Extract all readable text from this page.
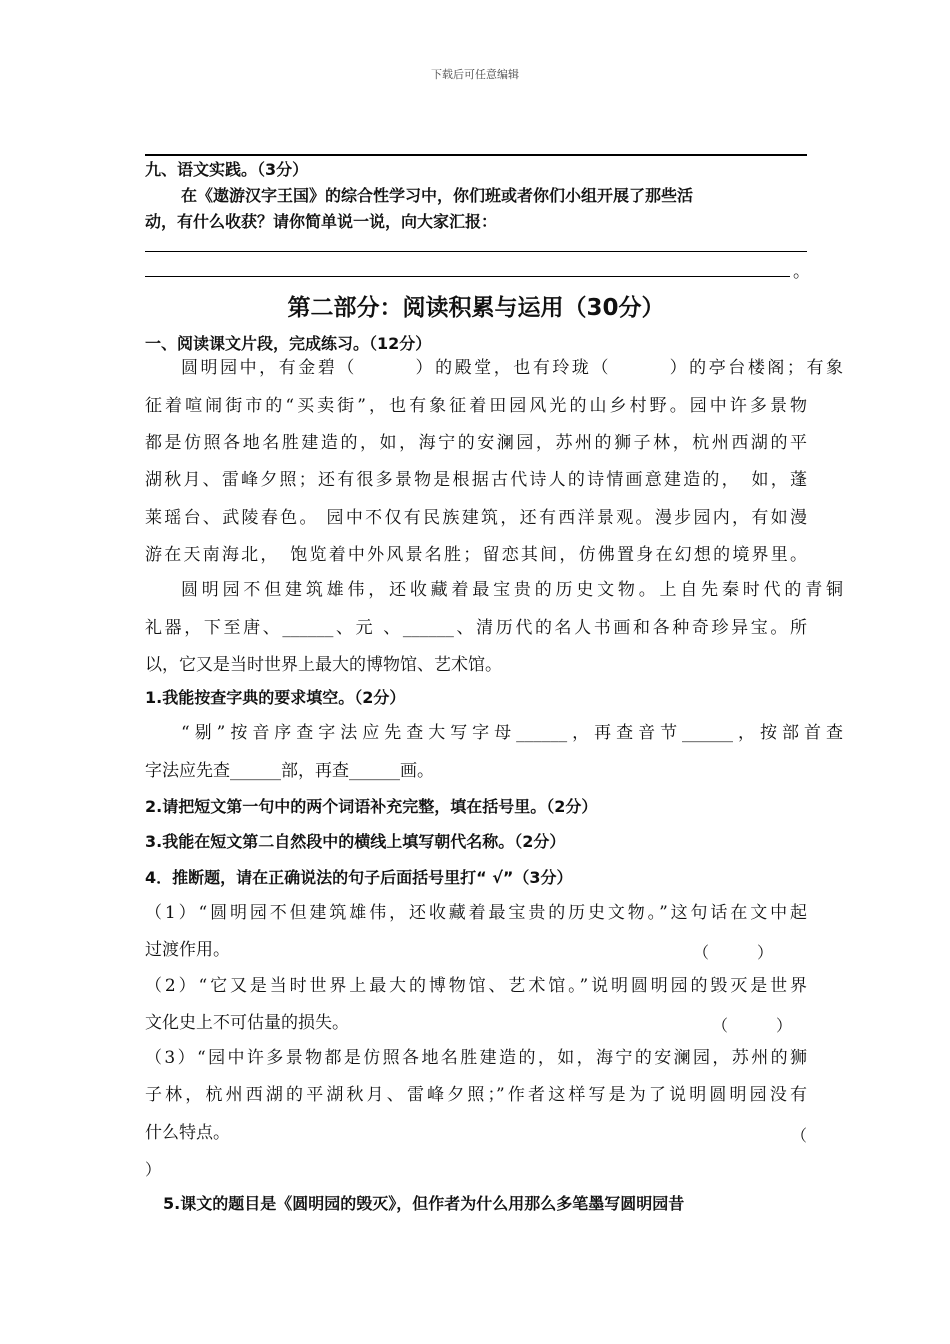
下载后可任意编辑
九、语文实践。（3分）
在《遨游汉字王国》的综合性学习中，你们班或者你们小组开展了那些活
动，有什么收获？请你简单说一说，向大家汇报：
。
第二部分：阅读积累与运用（30分）
一、阅读课文片段，完成练习。（12分）
圆明园中，有金碧（　　　）的殿堂，也有玲珑（　　　）的亭台楼阁；有象
征着喧闹街市的“买卖街”，也有象征着田园风光的山乡村野。园中许多景物
都是仿照各地名胜建造的，如，海宁的安澜园，苏州的狮子林，杭州西湖的平
湖秋月、雷峰夕照；还有很多景物是根据古代诗人的诗情画意建造的，　如，蓬
莱瑶台、武陵春色。 园中不仅有民族建筑，还有西洋景观。漫步园内，有如漫
游在天南海北，　饱览着中外风景名胜；留恋其间，仿佛置身在幻想的境界里。
圆明园不但建筑雄伟，还收藏着最宝贵的历史文物。上自先秦时代的青铜
礼器，下至唐、______、元 、______、清历代的名人书画和各种奇珍异宝。所
以，它又是当时世界上最大的博物馆、艺术馆。
1.我能按查字典的要求填空。（2分）
“剔”按音序查字法应先查大写字母______，再查音节______，按部首查
字法应先查______部，再查______画。
2.请把短文第一句中的两个词语补充完整，填在括号里。（2分）
3.我能在短文第二自然段中的横线上填写朝代名称。（2分）
4．推断题，请在正确说法的句子后面括号里打“ √”（3分）
（1）“圆明园不但建筑雄伟，还收藏着最宝贵的历史文物。”这句话在文中起
过渡作用。	（　　　）
（2）“它又是当时世界上最大的博物馆、艺术馆。”说明圆明园的毁灭是世界
文化史上不可估量的损失。	（　　　）
（3）“园中许多景物都是仿照各地名胜建造的，如，海宁的安澜园，苏州的狮
子林，杭州西湖的平湖秋月、雷峰夕照；”作者这样写是为了说明圆明园没有
什么特点。	（
）
5.课文的题目是《圆明园的毁灭》，但作者为什么用那么多笔墨写圆明园昔
